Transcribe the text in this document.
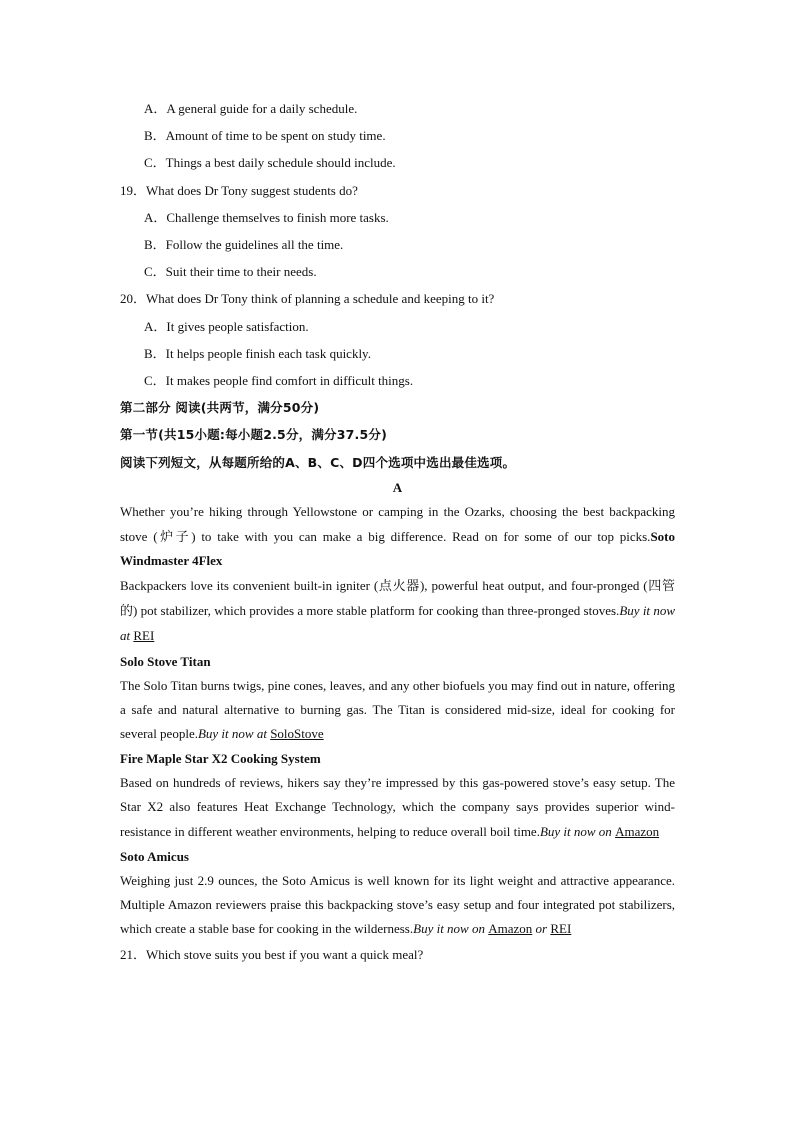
A．A general guide for a daily schedule.
B．Amount of time to be spent on study time.
C．Things a best daily schedule should include.
19．What does Dr Tony suggest students do?
A．Challenge themselves to finish more tasks.
B．Follow the guidelines all the time.
C．Suit their time to their needs.
20．What does Dr Tony think of planning a schedule and keeping to it?
A．It gives people satisfaction.
B．It helps people finish each task quickly.
C．It makes people find comfort in difficult things.
第二部分 阅读(共两节，满分50分)
第一节(共15小题:每小题2.5分，满分37.5分)
阅读下列短文，从每题所给的A、B、C、D四个选项中选出最佳选项。
A
Whether you’re hiking through Yellowstone or camping in the Ozarks, choosing the best backpacking stove (炉子) to take with you can make a big difference. Read on for some of our top picks.Soto Windmaster 4Flex
Backpackers love its convenient built-in igniter (点火器), powerful heat output, and four-pronged (四管的) pot stabilizer, which provides a more stable platform for cooking than three-pronged stoves.Buy it now at REI
Solo Stove Titan
The Solo Titan burns twigs, pine cones, leaves, and any other biofuels you may find out in nature, offering a safe and natural alternative to burning gas. The Titan is considered mid-size, ideal for cooking for several people.Buy it now at SoloStove
Fire Maple Star X2 Cooking System
Based on hundreds of reviews, hikers say they’re impressed by this gas-powered stove’s easy setup. The Star X2 also features Heat Exchange Technology, which the company says provides superior wind-resistance in different weather environments, helping to reduce overall boil time.Buy it now on Amazon
Soto Amicus
Weighing just 2.9 ounces, the Soto Amicus is well known for its light weight and attractive appearance. Multiple Amazon reviewers praise this backpacking stove’s easy setup and four integrated pot stabilizers, which create a stable base for cooking in the wilderness.Buy it now on Amazon or REI
21．Which stove suits you best if you want a quick meal?
